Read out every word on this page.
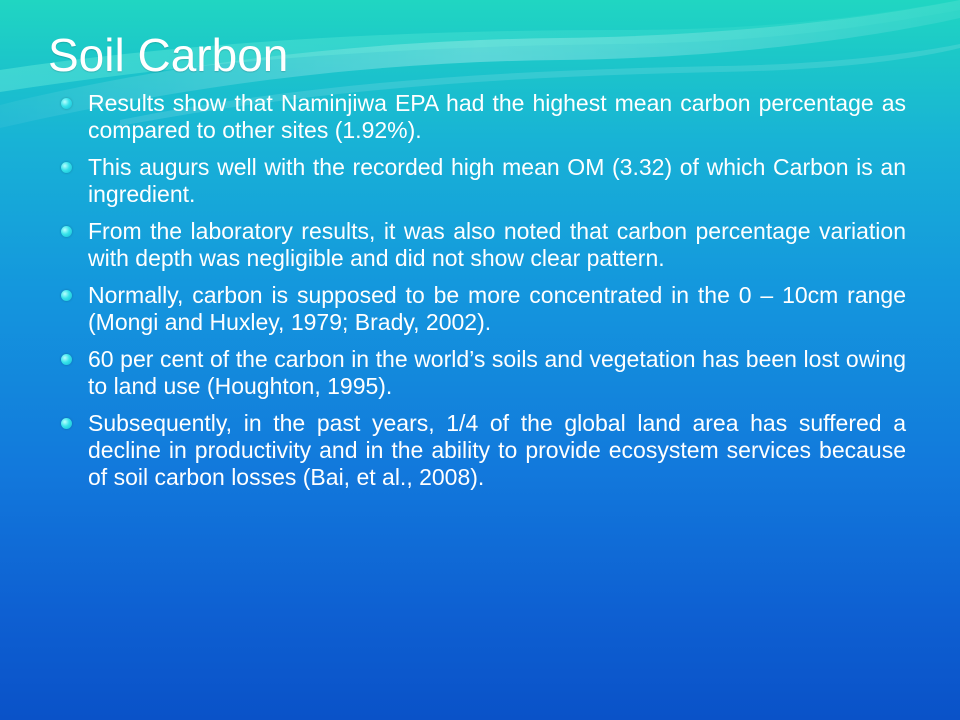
Soil Carbon
Results show that Naminjiwa EPA had the highest mean carbon percentage as compared to other sites (1.92%).
This augurs well with the recorded high mean OM (3.32) of which Carbon is an ingredient.
From the laboratory results, it was also noted that carbon percentage variation with depth was negligible and did not show clear pattern.
Normally, carbon is supposed to be more concentrated in the 0 – 10cm range (Mongi and Huxley, 1979; Brady, 2002).
60 per cent of the carbon in the world’s soils and vegetation has been lost owing to land use (Houghton, 1995).
Subsequently, in the past years, 1/4 of the global land area has suffered a decline in productivity and in the ability to provide ecosystem services because of soil carbon losses (Bai, et al., 2008).
